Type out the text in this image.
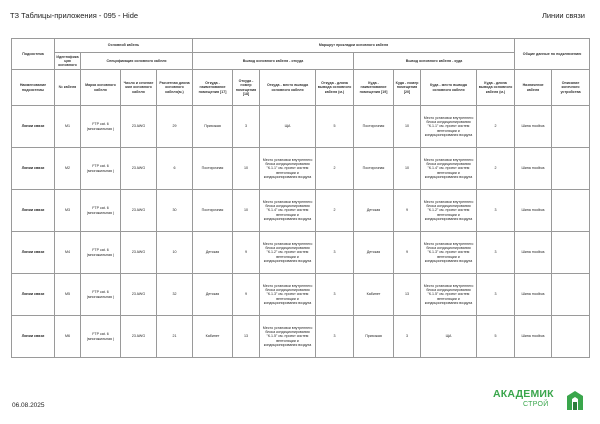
ТЗ Таблицы-приложения - 095 - Hide	Линии связи
Подсистема	Основной кабель				Маршрут прокладки основного кабеля								Общие данные по подключению	
	Идентифика ция основного	Спецификация основного кабеля			Вывод основного кабеля - откуда				Вывод основного кабеля - куда					
Наименование подсистемы	№ кабеля	Марка основного кабеля	Число и сечение жил основного кабеля	Расчетная длина основного кабеля(м.)	Откуда - наименование помещения [17]	Откуда - номер помещения [18]	Откуда - место вывода основного кабеля	Откуда - длина вывода основного кабеля (м.)	Куда - наименование помещения [19]	Куда - номер помещения [20]	Куда - место вывода основного кабеля	Куда - длина вывода основного кабеля (м.)	Назначение кабеля	Описание конечного устройства
Линии связи	M1	FTP cat. 6 (многожильная )	23 AWG	29	Прихожая	3	ЩА	5	Постирочная	10	Место установки внутреннего блока кондиционирования "К.1.1" см. проект систем вентиляции и кондиционирования воздуха	2	Шина modbus	
Линии связи	M2	FTP cat. 6 (многожильная )	23 AWG	6	Постирочная	10	Место установки внутреннего блока кондиционирования "К.1.1" см. проект систем вентиляции и кондиционирования воздуха	2	Постирочная	10	Место установки внутреннего блока кондиционирования "К.1.4" см. проект систем вентиляции и кондиционирования воздуха	2	Шина modbus	
Линии связи	M3	FTP cat. 6 (многожильная )	23 AWG	30	Постирочная	10	Место установки внутреннего блока кондиционирования "К.1.4" см. проект систем вентиляции и кондиционирования воздуха	2	Детская	9	Место установки внутреннего блока кондиционирования "К.1.2" см. проект систем вентиляции и кондиционирования воздуха	3	Шина modbus	
Линии связи	M4	FTP cat. 6 (многожильная )	23 AWG	10	Детская	9	Место установки внутреннего блока кондиционирования "К.1.2" см. проект систем вентиляции и кондиционирования воздуха	3	Детская	9	Место установки внутреннего блока кондиционирования "К.1.3" см. проект систем вентиляции и кондиционирования воздуха	3	Шина modbus	
Линии связи	M5	FTP cat. 6 (многожильная )	23 AWG	32	Детская	9	Место установки внутреннего блока кондиционирования "К.1.3" см. проект систем вентиляции и кондиционирования воздуха	3	Кабинет	13	Место установки внутреннего блока кондиционирования "К.1.5" см. проект систем вентиляции и кондиционирования воздуха	3	Шина modbus	
Линии связи	M6	FTP cat. 6 (многожильная )	23 AWG	21	Кабинет	13	Место установки внутреннего блока кондиционирования "К.1.5" см. проект систем вентиляции и кондиционирования воздуха	3	Прихожая	3	ЩА	5	Шина modbus	
06.08.2025
АКАДЕМИК
СТРОЙ
